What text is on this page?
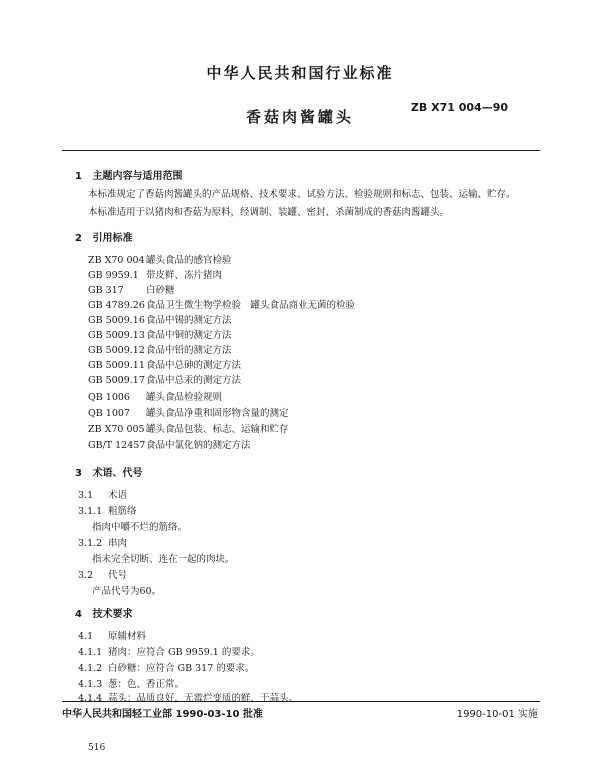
中华人民共和国行业标准
ZB X71 004—90
香菇肉酱罐头
1 主题内容与适用范围
本标准规定了香菇肉酱罐头的产品规格、技术要求、试验方法、检验规则和标志、包装、运输、贮存。
本标准适用于以猪肉和香菇为原料，经调制、装罐、密封、杀菌制成的香菇肉酱罐头。
2 引用标准
ZB X70 004罐头食品的感官检验
GB 9959.1 带皮鲜、冻片猪肉
GB 317 白砂糖
GB 4789.26食品卫生微生物学检验　罐头食品商业无菌的检验
GB 5009.16食品中锡的测定方法
GB 5009.13食品中铜的测定方法
GB 5009.12食品中铅的测定方法
GB 5009.11食品中总砷的测定方法
GB 5009.17食品中总汞的测定方法
QB 1006 罐头食品检验规则
QB 1007 罐头食品净重和固形物含量的测定
ZB X70 005罐头食品包装、标志、运输和贮存
GB/T 12457食品中氯化钠的测定方法
3 术语、代号
3.1 术语
3.1.1 粗筋络
指肉中嚼不烂的筋络。
3.1.2 串肉
指未完全切断、连在一起的肉块。
3.2 代号
产品代号为60。
4 技术要求
4.1 原辅材料
4.1.1 猪肉：应符合 GB 9959.1 的要求。
4.1.2 白砂糖：应符合 GB 317 的要求。
4.1.3 葱：色、香正常。
4.1.4 蒜头：品质良好，无霉烂变质的鲜、干蒜头。
中华人民共和国轻工业部 1990-03-10 批准	1990-10-01 实施
516
